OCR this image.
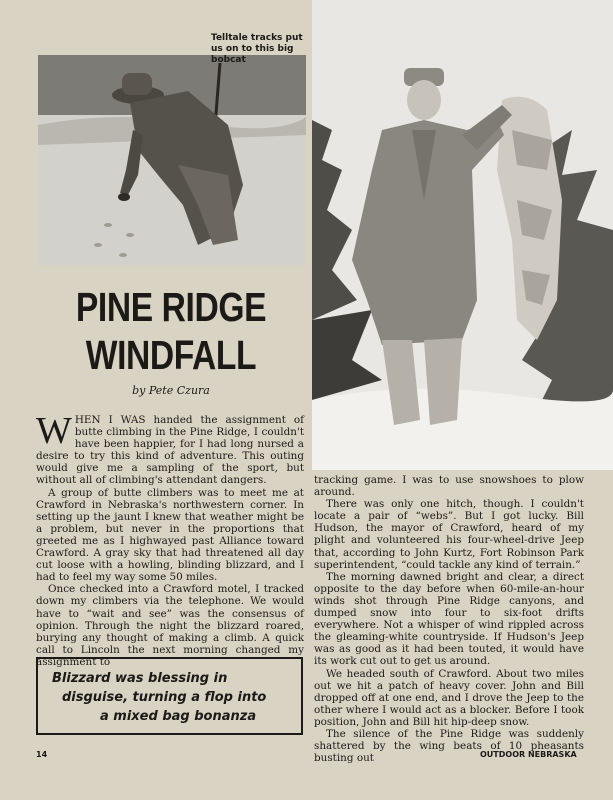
Telltale tracks put us on to this big bobcat
PINE RIDGE
WINDFALL
by Pete Czura

WHEN I WAS handed the assignment of butte climbing in the Pine Ridge, I couldn't have been happier, for I had long nursed a desire to try this kind of adventure. This outing would give me a sampling of the sport, but without all of climbing's attendant dangers.

A group of butte climbers was to meet me at Crawford in Nebraska's northwestern corner. In setting up the jaunt I knew that weather might be a problem, but never in the proportions that greeted me as I highwayed past Alliance toward Crawford. A gray sky that had threatened all day cut loose with a howling, blinding blizzard, and I had to feel my way some 50 miles.

Once checked into a Crawford motel, I tracked down my climbers via the telephone. We would have to “wait and see” was the consensus of opinion. Through the night the blizzard roared, burying any thought of making a climb. A quick call to Lincoln the next morning changed my assignment to

Blizzard was blessing in
disguise, turning a flop into
a mixed bag bonanza

tracking game. I was to use snowshoes to plow around.

There was only one hitch, though. I couldn't locate a pair of “webs”. But I got lucky. Bill Hudson, the mayor of Crawford, heard of my plight and volunteered his four-wheel-drive Jeep that, according to John Kurtz, Fort Robinson Park superintendent, “could tackle any kind of terrain.”

The morning dawned bright and clear, a direct opposite to the day before when 60-mile-an-hour winds shot through Pine Ridge canyons, and dumped snow into four to six-foot drifts everywhere. Not a whisper of wind rippled across the gleaming-white countryside. If Hudson's Jeep was as good as it had been touted, it would have its work cut out to get us around.

We headed south of Crawford. About two miles out we hit a patch of heavy cover. John and Bill dropped off at one end, and I drove the Jeep to the other where I would act as a blocker. Before I took position, John and Bill hit hip-deep snow.

The silence of the Pine Ridge was suddenly shattered by the wing beats of 10 pheasants busting out

14	OUTDOOR NEBRASKA
